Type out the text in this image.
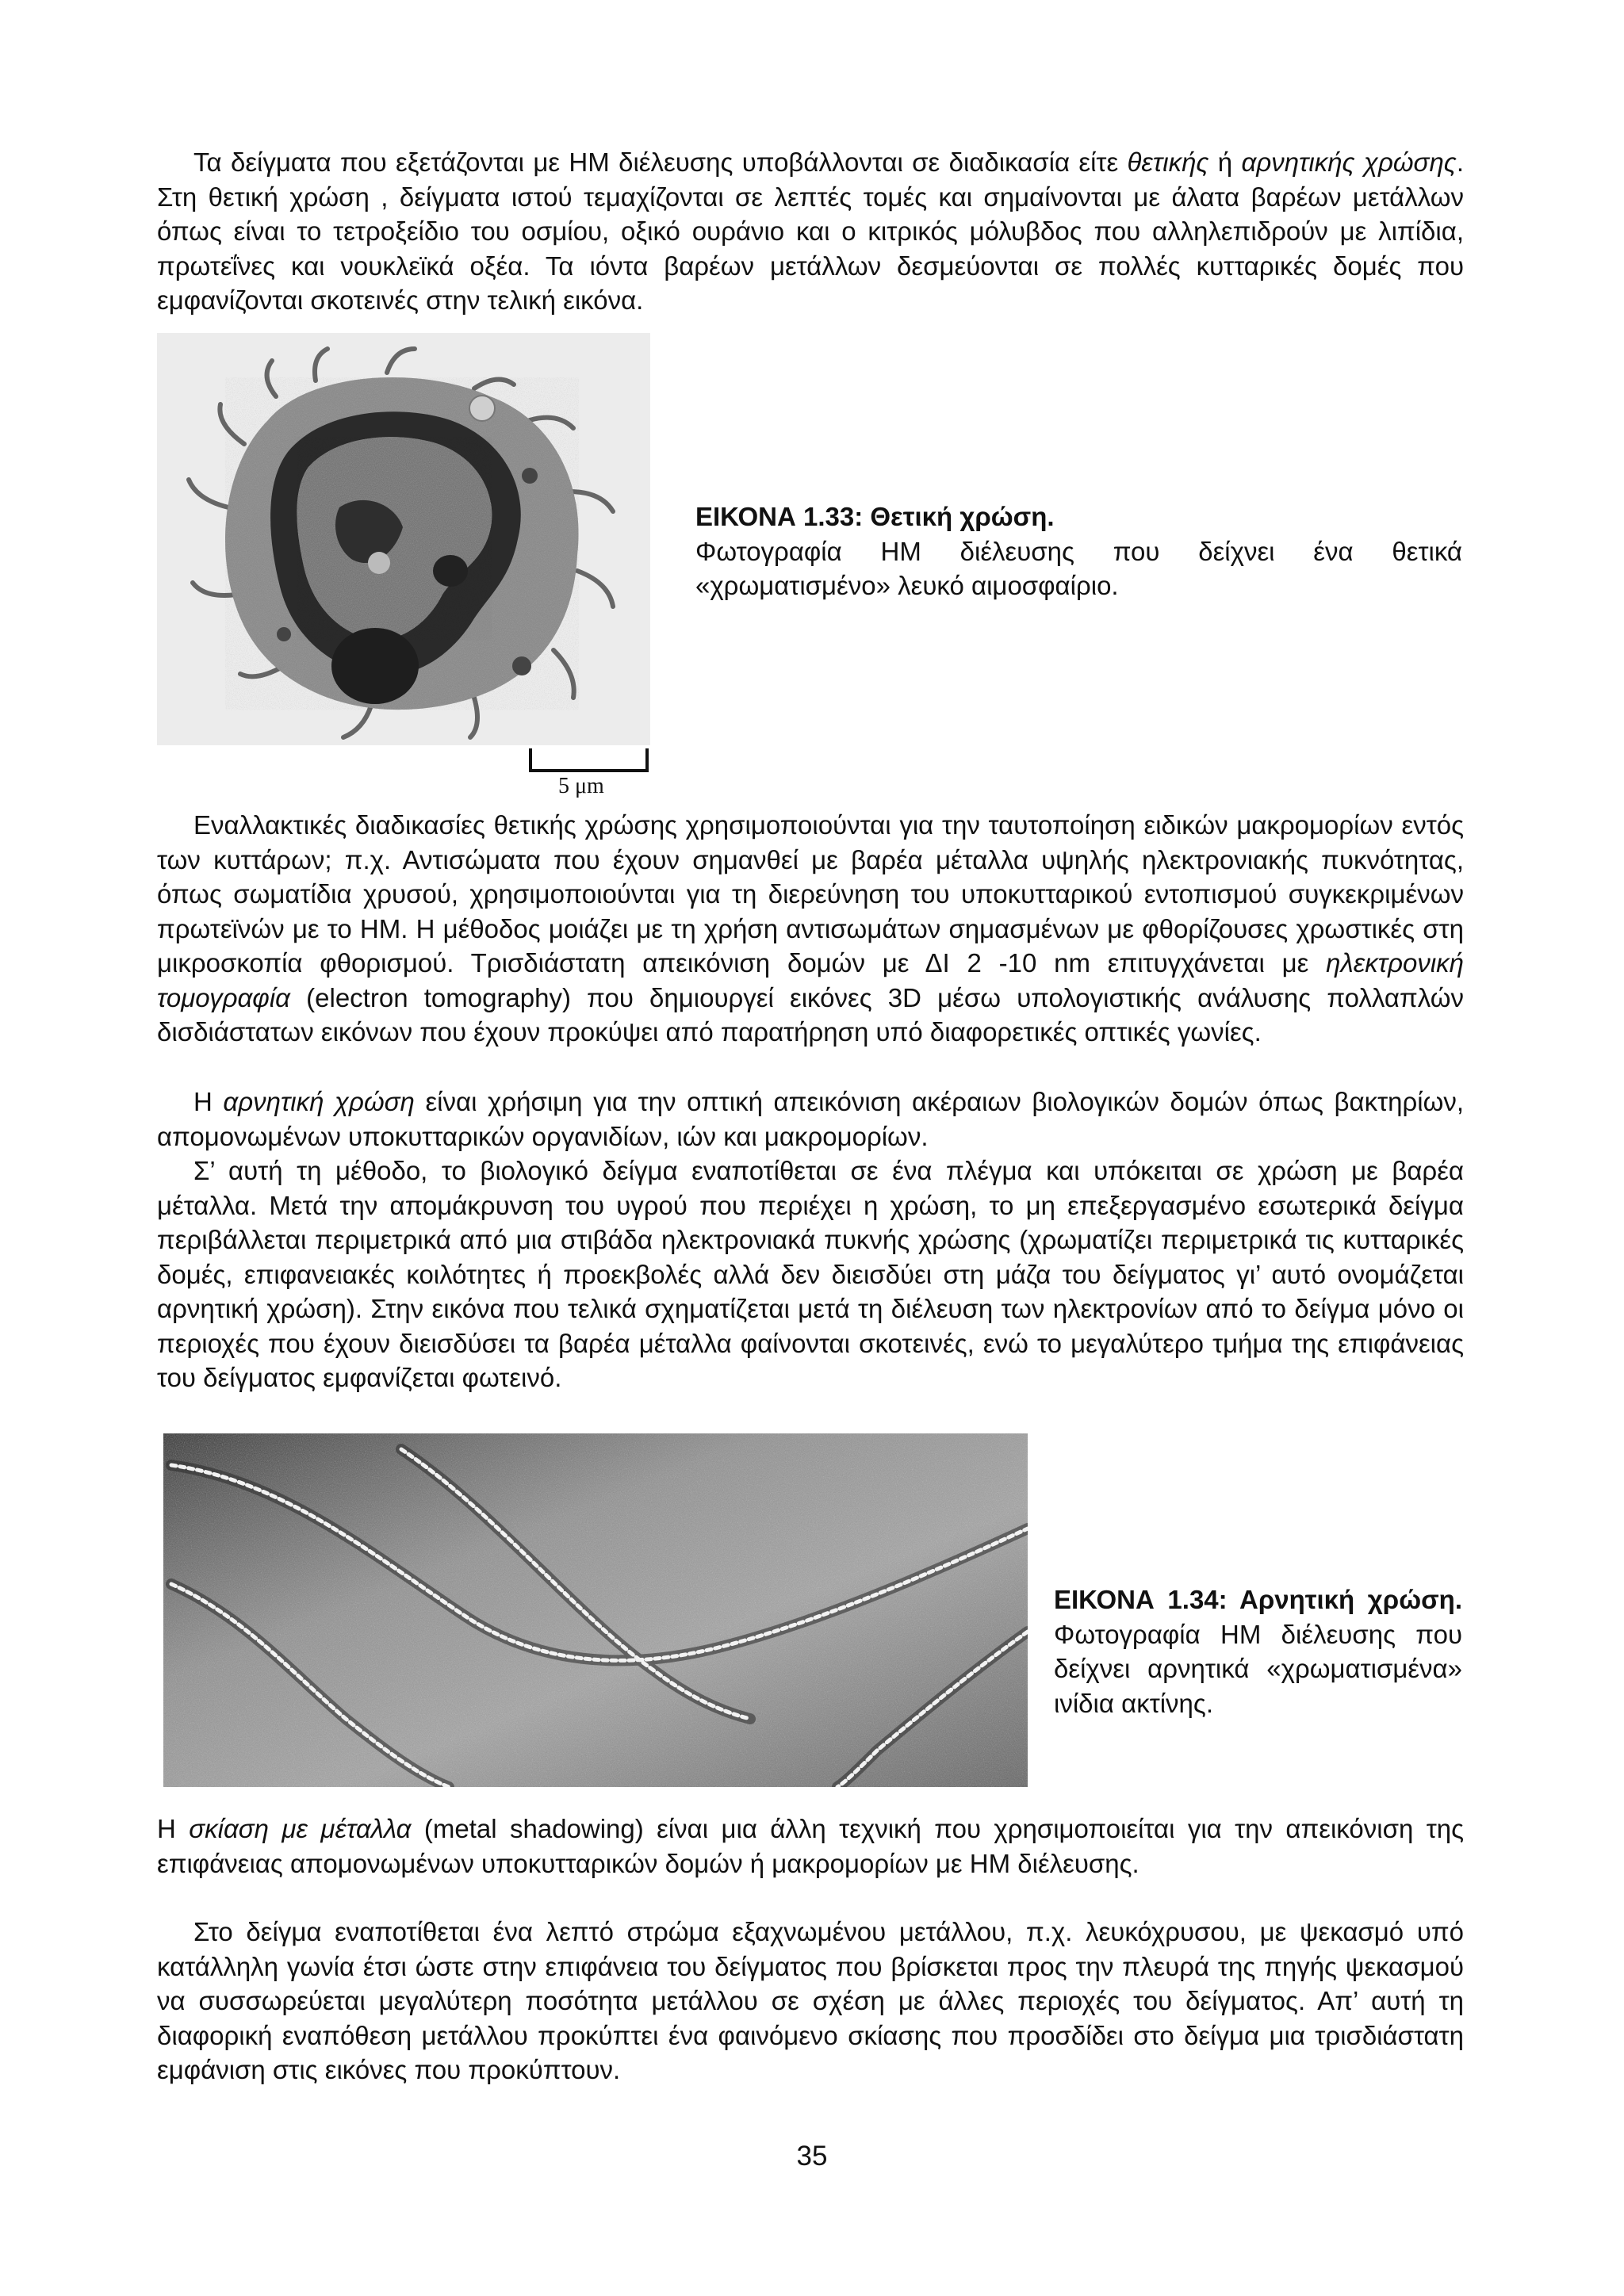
Τα δείγματα που εξετάζονται με ΗΜ διέλευσης υποβάλλονται σε διαδικασία είτε θετικής ή αρνητικής χρώσης. Στη θετική χρώση , δείγματα ιστού τεμαχίζονται σε λεπτές τομές και σημαίνονται με άλατα βαρέων μετάλλων όπως είναι το τετροξείδιο του οσμίου, οξικό ουράνιο και ο κιτρικός μόλυβδος που αλληλεπιδρούν με λιπίδια, πρωτεΐνες και νουκλεϊκά οξέα. Τα ιόντα βαρέων μετάλλων δεσμεύονται σε πολλές κυτταρικές δομές που εμφανίζονται σκοτεινές στην τελική εικόνα.

5 μm
ΕΙΚΟΝΑ 1.33: Θετική χρώση.
Φωτογραφία ΗΜ διέλευσης που δείχνει ένα θετικά «χρωματισμένο» λευκό αιμοσφαίριο.

Εναλλακτικές διαδικασίες θετικής χρώσης χρησιμοποιούνται για την ταυτοποίηση ειδικών μακρομορίων εντός των κυττάρων; π.χ. Αντισώματα που έχουν σημανθεί με βαρέα μέταλλα υψηλής ηλεκτρονιακής πυκνότητας, όπως σωματίδια χρυσού, χρησιμοποιούνται για τη διερεύνηση του υποκυτταρικού εντοπισμού συγκεκριμένων πρωτεϊνών με το ΗΜ. Η μέθοδος μοιάζει με τη χρήση αντισωμάτων σημασμένων με φθορίζουσες χρωστικές στη μικροσκοπία φθορισμού. Τρισδιάστατη απεικόνιση δομών με ΔΙ 2 -10 nm επιτυγχάνεται με ηλεκτρονική τομογραφία (electron tomography) που δημιουργεί εικόνες 3D μέσω υπολογιστικής ανάλυσης πολλαπλών δισδιάστατων εικόνων που έχουν προκύψει από παρατήρηση υπό διαφορετικές οπτικές γωνίες.

Η αρνητική χρώση είναι χρήσιμη για την οπτική απεικόνιση ακέραιων βιολογικών δομών όπως βακτηρίων, απομονωμένων υποκυτταρικών οργανιδίων, ιών και μακρομορίων.

Σ’ αυτή τη μέθοδο, το βιολογικό δείγμα εναποτίθεται σε ένα πλέγμα και υπόκειται σε χρώση με βαρέα μέταλλα. Μετά την απομάκρυνση του υγρού που περιέχει η χρώση, το μη επεξεργασμένο εσωτερικά δείγμα περιβάλλεται περιμετρικά από μια στιβάδα ηλεκτρονιακά πυκνής χρώσης (χρωματίζει περιμετρικά τις κυτταρικές δομές, επιφανειακές κοιλότητες ή προεκβολές αλλά δεν διεισδύει στη μάζα του δείγματος γι’ αυτό ονομάζεται αρνητική χρώση). Στην εικόνα που τελικά σχηματίζεται μετά τη διέλευση των ηλεκτρονίων από το δείγμα μόνο οι περιοχές που έχουν διεισδύσει τα βαρέα μέταλλα φαίνονται σκοτεινές, ενώ το μεγαλύτερο τμήμα της επιφάνειας του δείγματος εμφανίζεται φωτεινό.

ΕΙΚΟΝΑ 1.34: Αρνητική χρώση. Φωτογραφία ΗΜ διέλευσης που δείχνει αρνητικά «χρωματισμένα» ινίδια ακτίνης.

Η σκίαση με μέταλλα (metal shadowing) είναι μια άλλη τεχνική που χρησιμοποιείται για την απεικόνιση της επιφάνειας απομονωμένων υποκυτταρικών δομών ή μακρομορίων με ΗΜ διέλευσης.

Στο δείγμα εναποτίθεται ένα λεπτό στρώμα εξαχνωμένου μετάλλου, π.χ. λευκόχρυσου, με ψεκασμό υπό κατάλληλη γωνία έτσι ώστε στην επιφάνεια του δείγματος που βρίσκεται προς την πλευρά της πηγής ψεκασμού να συσσωρεύεται μεγαλύτερη ποσότητα μετάλλου σε σχέση με άλλες περιοχές του δείγματος. Απ’ αυτή τη διαφορική εναπόθεση μετάλλου προκύπτει ένα φαινόμενο σκίασης που προσδίδει στο δείγμα μια τρισδιάστατη εμφάνιση στις εικόνες που προκύπτουν.

35
